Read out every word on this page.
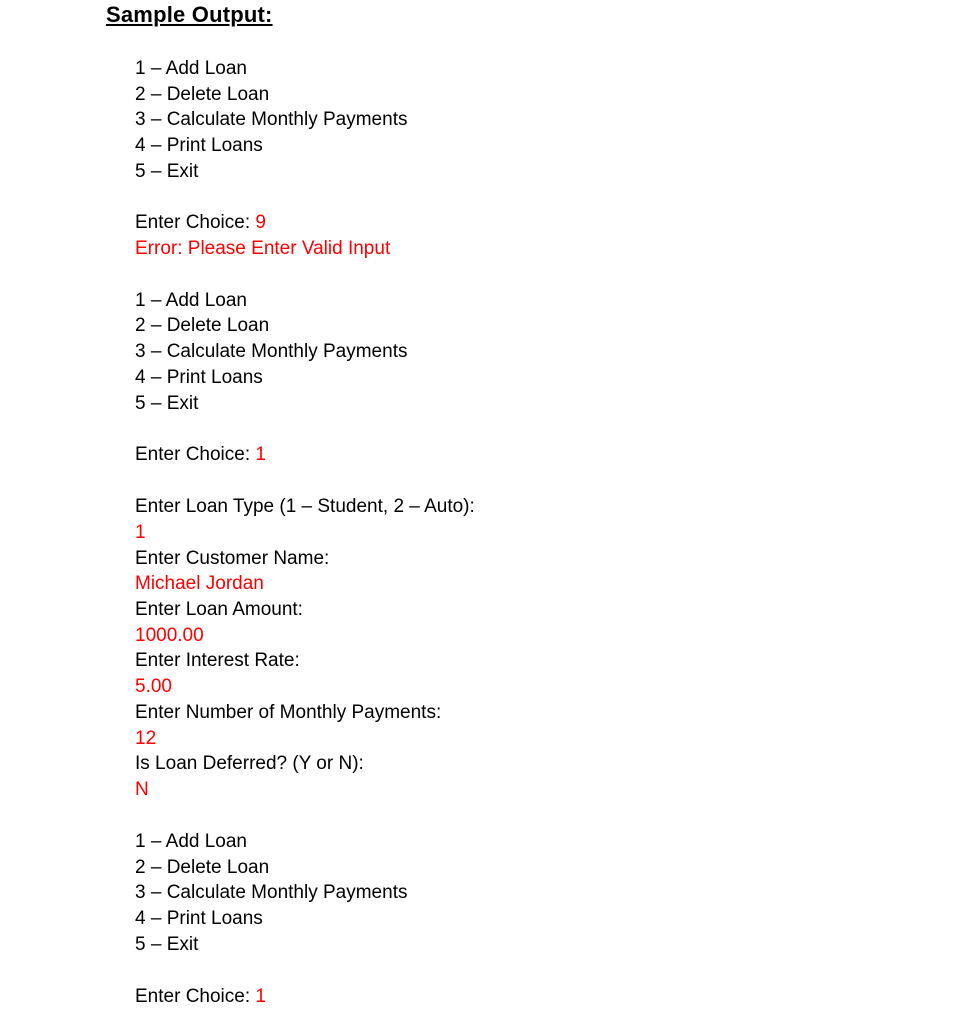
Sample Output:
1 – Add Loan
2 – Delete Loan
3 – Calculate Monthly Payments
4 – Print Loans
5 – Exit
Enter Choice: 9
Error: Please Enter Valid Input
1 – Add Loan
2 – Delete Loan
3 – Calculate Monthly Payments
4 – Print Loans
5 – Exit
Enter Choice: 1
Enter Loan Type (1 – Student, 2 – Auto):
1
Enter Customer Name:
Michael Jordan
Enter Loan Amount:
1000.00
Enter Interest Rate:
5.00
Enter Number of Monthly Payments:
12
Is Loan Deferred? (Y or N):
N
1 – Add Loan
2 – Delete Loan
3 – Calculate Monthly Payments
4 – Print Loans
5 – Exit
Enter Choice: 1
